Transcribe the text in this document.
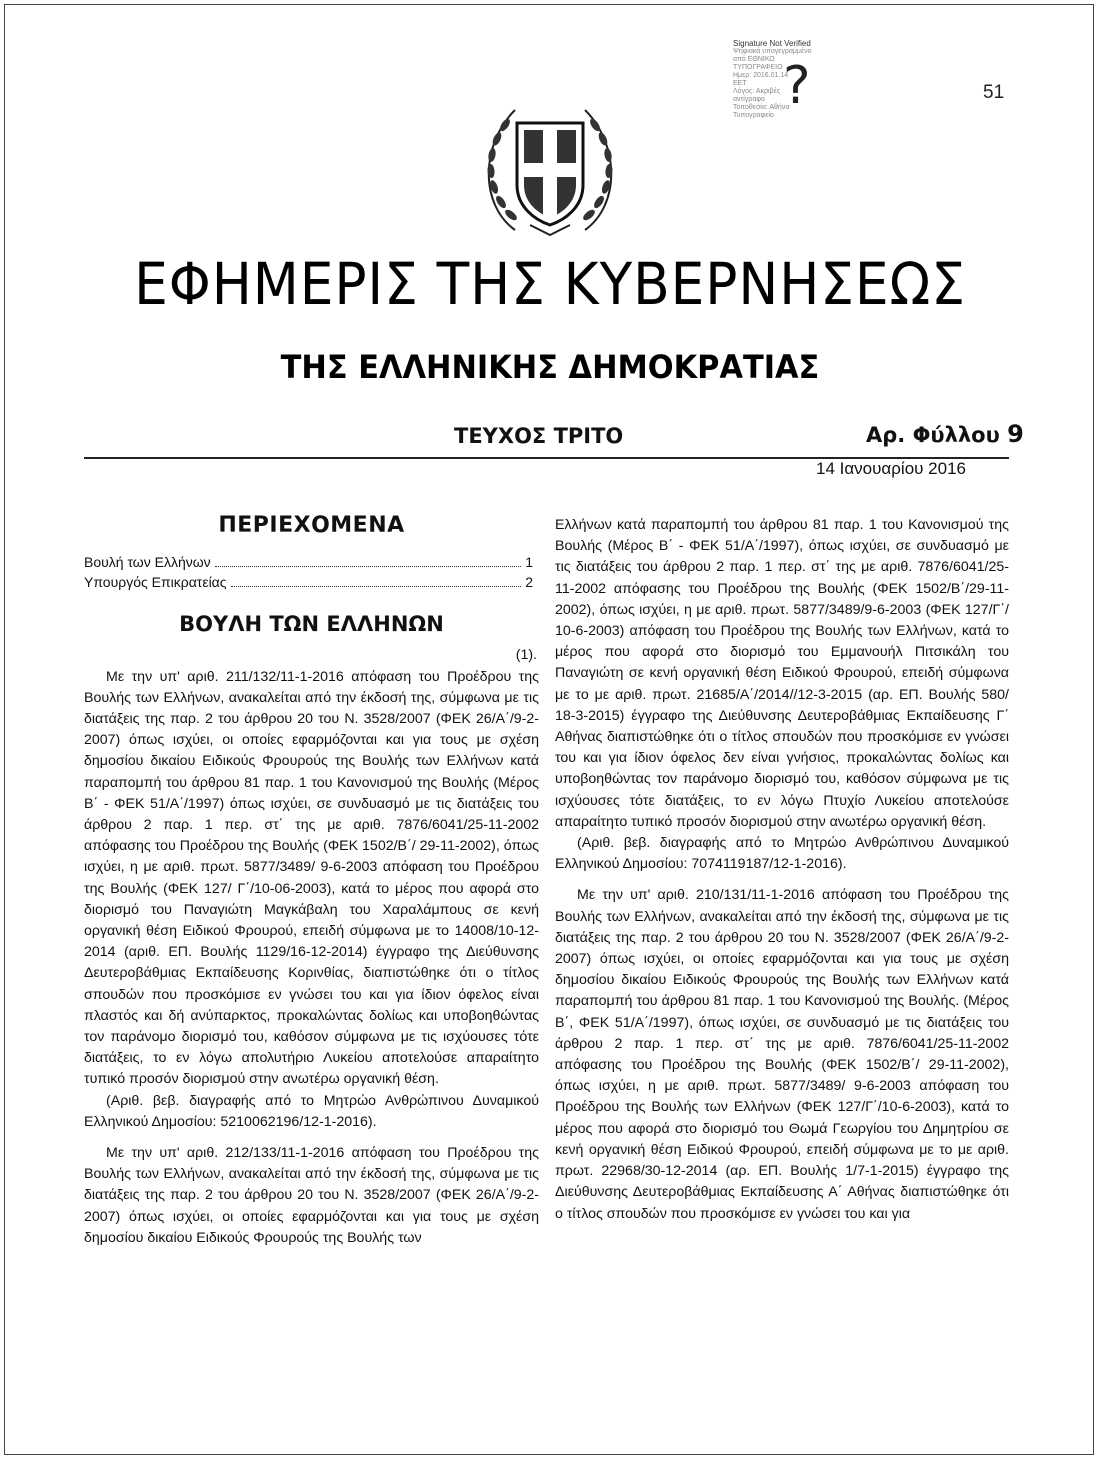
Signature Not Verified
Ψηφιακά υπογεγραμμένο
από ΕΘΝΙΚΟ
ΤΥΠΟΓΡΑΦΕΙΟ
Ημερ: 2016.01.14
ΕΕΤ
Λόγος: Ακριβές
αντίγραφο
Τοποθεσία: Αθήνα
Τυπογραφείο ?	51
ΕΦΗΜΕΡΙΣ ΤΗΣ ΚΥΒΕΡΝΗΣΕΩΣ
ΤΗΣ ΕΛΛΗΝΙΚΗΣ ΔΗΜΟΚΡΑΤΙΑΣ
ΤΕΥΧΟΣ ΤΡΙΤΟ	Αρ. Φύλλου 9
14 Ιανουαρίου 2016
ΠΕΡΙΕΧΟΜΕΝΑ
Βουλή των Ελλήνων	1
Υπουργός Επικρατείας	2
ΒΟΥΛΗ ΤΩΝ ΕΛΛΗΝΩΝ
(1).

Με την υπ' αριθ. 211/132/11-1-2016 απόφαση του Προέδρου της Βουλής των Ελλήνων, ανακαλείται από την έκδοσή της, σύμφωνα με τις διατάξεις της παρ. 2 του άρθρου 20 του Ν. 3528/2007 (ΦΕΚ 26/Α΄/9-2-2007) όπως ισχύει, οι οποίες εφαρμόζονται και για τους με σχέση δημοσίου δικαίου Ειδικούς Φρουρούς της Βουλής των Ελλήνων κατά παραπομπή του άρθρου 81 παρ. 1 του Κανονισμού της Βουλής (Μέρος Β΄ - ΦΕΚ 51/Α΄/1997) όπως ισχύει, σε συνδυασμό με τις διατάξεις του άρθρου 2 παρ. 1 περ. στ΄ της με αριθ. 7876/6041/25-11-2002 απόφασης του Προέδρου της Βουλής (ΦΕΚ 1502/Β΄/ 29-11-2002), όπως ισχύει, η με αριθ. πρωτ. 5877/3489/ 9-6-2003 απόφαση του Προέδρου της Βουλής (ΦΕΚ 127/ Γ΄/10-06-2003), κατά το μέρος που αφορά στο διορισμό του Παναγιώτη Μαγκάβαλη του Χαραλάμπους σε κενή οργανική θέση Ειδικού Φρουρού, επειδή σύμφωνα με το 14008/10-12-2014 (αριθ. ΕΠ. Βουλής 1129/16-12-2014) έγγραφο της Διεύθυνσης Δευτεροβάθμιας Εκπαίδευσης Κορινθίας, διαπιστώθηκε ότι ο τίτλος σπουδών που προσκόμισε εν γνώσει του και για ίδιον όφελος είναι πλαστός και δή ανύπαρκτος, προκαλώντας δολίως και υποβοηθώντας τον παράνομο διορισμό του, καθόσον σύμφωνα με τις ισχύουσες τότε διατάξεις, το εν λόγω απολυτήριο Λυκείου αποτελούσε απαραίτητο τυπικό προσόν διορισμού στην ανωτέρω οργανική θέση.

(Αριθ. βεβ. διαγραφής από το Μητρώο Ανθρώπινου Δυναμικού Ελληνικού Δημοσίου: 5210062196/12-1-2016).

Με την υπ' αριθ. 212/133/11-1-2016 απόφαση του Προέδρου της Βουλής των Ελλήνων, ανακαλείται από την έκδοσή της, σύμφωνα με τις διατάξεις της παρ. 2 του άρθρου 20 του Ν. 3528/2007 (ΦΕΚ 26/Α΄/9-2-2007) όπως ισχύει, οι οποίες εφαρμόζονται και για τους με σχέση δημοσίου δικαίου Ειδικούς Φρουρούς της Βουλής των

Ελλήνων κατά παραπομπή του άρθρου 81 παρ. 1 του Κανονισμού της Βουλής (Μέρος Β΄ - ΦΕΚ 51/Α΄/1997), όπως ισχύει, σε συνδυασμό με τις διατάξεις του άρθρου 2 παρ. 1 περ. στ΄ της με αριθ. 7876/6041/25-11-2002 απόφασης του Προέδρου της Βουλής (ΦΕΚ 1502/Β΄/29-11-2002), όπως ισχύει, η με αριθ. πρωτ. 5877/3489/9-6-2003 (ΦΕΚ 127/Γ΄/ 10-6-2003) απόφαση του Προέδρου της Βουλής των Ελλήνων, κατά το μέρος που αφορά στο διορισμό του Εμμανουήλ Πιτσικάλη του Παναγιώτη σε κενή οργανική θέση Ειδικού Φρουρού, επειδή σύμφωνα με το με αριθ. πρωτ. 21685/Α΄/2014//12-3-2015 (αρ. ΕΠ. Βουλής 580/ 18-3-2015) έγγραφο της Διεύθυνσης Δευτεροβάθμιας Εκπαίδευσης Γ΄ Αθήνας διαπιστώθηκε ότι ο τίτλος σπουδών που προσκόμισε εν γνώσει του και για ίδιον όφελος δεν είναι γνήσιος, προκαλώντας δολίως και υποβοηθώντας τον παράνομο διορισμό του, καθόσον σύμφωνα με τις ισχύουσες τότε διατάξεις, το εν λόγω Πτυχίο Λυκείου αποτελούσε απαραίτητο τυπικό προσόν διορισμού στην ανωτέρω οργανική θέση.

(Αριθ. βεβ. διαγραφής από το Μητρώο Ανθρώπινου Δυναμικού Ελληνικού Δημοσίου: 7074119187/12-1-2016).

Με την υπ' αριθ. 210/131/11-1-2016 απόφαση του Προέδρου της Βουλής των Ελλήνων, ανακαλείται από την έκδοσή της, σύμφωνα με τις διατάξεις της παρ. 2 του άρθρου 20 του Ν. 3528/2007 (ΦΕΚ 26/Α΄/9-2-2007) όπως ισχύει, οι οποίες εφαρμόζονται και για τους με σχέση δημοσίου δικαίου Ειδικούς Φρουρούς της Βουλής των Ελλήνων κατά παραπομπή του άρθρου 81 παρ. 1 του Κανονισμού της Βουλής. (Μέρος Β΄, ΦΕΚ 51/Α΄/1997), όπως ισχύει, σε συνδυασμό με τις διατάξεις του άρθρου 2 παρ. 1 περ. στ΄ της με αριθ. 7876/6041/25-11-2002 απόφασης του Προέδρου της Βουλής (ΦΕΚ 1502/Β΄/ 29-11-2002), όπως ισχύει, η με αριθ. πρωτ. 5877/3489/ 9-6-2003 απόφαση του Προέδρου της Βουλής των Ελλήνων (ΦΕΚ 127/Γ΄/10-6-2003), κατά το μέρος που αφορά στο διορισμό του Θωμά Γεωργίου του Δημητρίου σε κενή οργανική θέση Ειδικού Φρουρού, επειδή σύμφωνα με το με αριθ. πρωτ. 22968/30-12-2014 (αρ. ΕΠ. Βουλής 1/7-1-2015) έγγραφο της Διεύθυνσης Δευτεροβάθμιας Εκπαίδευσης Α΄ Αθήνας διαπιστώθηκε ότι ο τίτλος σπουδών που προσκόμισε εν γνώσει του και για
